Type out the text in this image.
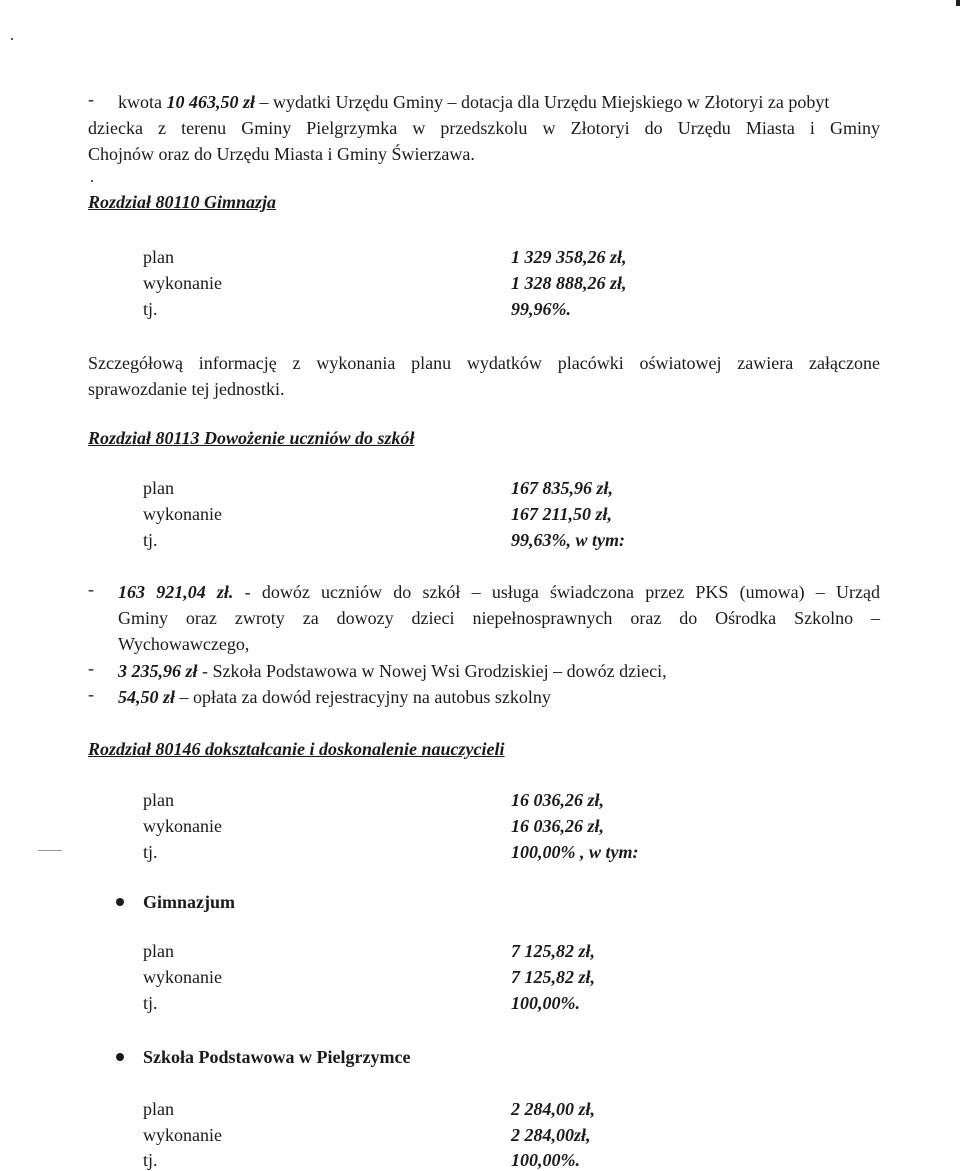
- kwota 10 463,50 zł – wydatki Urzędu Gminy – dotacja dla Urzędu Miejskiego w Złotoryi za pobyt
dziecka z terenu Gminy Pielgrzymka w przedszkolu w Złotoryi do Urzędu Miasta i Gminy
Chojnów oraz do Urzędu Miasta i Gminy Świerzawa.
Rozdział 80110 Gimnazja
plan	1 329 358,26 zł,
wykonanie	1 328 888,26 zł,
tj.	99,96%.
Szczegółową informację z wykonania planu wydatków placówki oświatowej zawiera załączone
sprawozdanie tej jednostki.
Rozdział 80113 Dowożenie uczniów do szkół
plan	167 835,96 zł,
wykonanie	167 211,50 zł,
tj.	99,63%, w tym:
- 163 921,04 zł. - dowóz uczniów do szkół – usługa świadczona przez PKS (umowa) – Urząd
Gminy oraz zwroty za dowozy dzieci niepełnosprawnych oraz do Ośrodka Szkolno –
Wychowawczego,
- 3 235,96 zł - Szkoła Podstawowa w Nowej Wsi Grodziskiej – dowóz dzieci,
- 54,50 zł – opłata za dowód rejestracyjny na autobus szkolny
Rozdział 80146 dokształcanie i doskonalenie nauczycieli
plan	16 036,26 zł,
wykonanie	16 036,26 zł,
tj.	100,00% , w tym:
Gimnazjum
plan	7 125,82 zł,
wykonanie	7 125,82 zł,
tj.	100,00%.
Szkoła Podstawowa w Pielgrzymce
plan	2 284,00 zł,
wykonanie	2 284,00zł,
tj.	100,00%.
